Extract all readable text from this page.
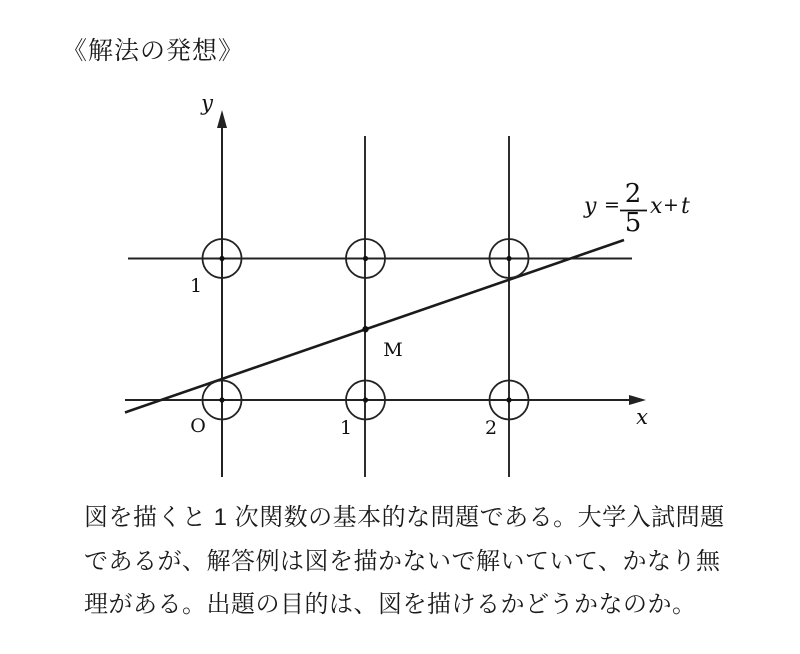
《解法の発想》
y
x
O	1	2
1
M
y = 2
5
x + t
図を描くと 1 次関数の基本的な問題である。大学入試問題
であるが、解答例は図を描かないで解いていて、かなり無
理がある。出題の目的は、図を描けるかどうかなのか。
